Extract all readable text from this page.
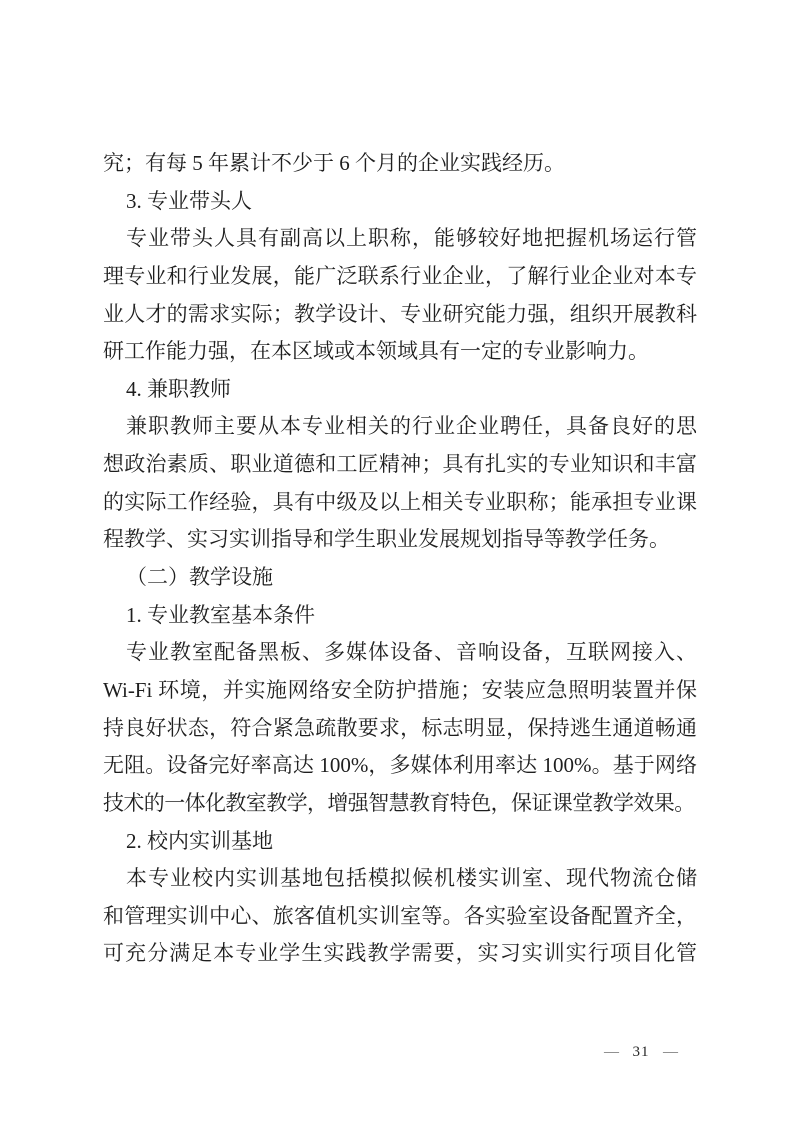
究；有每 5 年累计不少于 6 个月的企业实践经历。
3. 专业带头人
专业带头人具有副高以上职称，能够较好地把握机场运行管
理专业和行业发展，能广泛联系行业企业，了解行业企业对本专
业人才的需求实际；教学设计、专业研究能力强，组织开展教科
研工作能力强，在本区域或本领域具有一定的专业影响力。
4. 兼职教师
兼职教师主要从本专业相关的行业企业聘任，具备良好的思
想政治素质、职业道德和工匠精神；具有扎实的专业知识和丰富
的实际工作经验，具有中级及以上相关专业职称；能承担专业课
程教学、实习实训指导和学生职业发展规划指导等教学任务。
（二）教学设施
1. 专业教室基本条件
专业教室配备黑板、多媒体设备、音响设备，互联网接入、
Wi-Fi 环境，并实施网络安全防护措施；安装应急照明装置并保
持良好状态，符合紧急疏散要求，标志明显，保持逃生通道畅通
无阻。设备完好率高达 100%，多媒体利用率达 100%。基于网络
技术的一体化教室教学，增强智慧教育特色，保证课堂教学效果。
2. 校内实训基地
本专业校内实训基地包括模拟候机楼实训室、现代物流仓储
和管理实训中心、旅客值机实训室等。各实验室设备配置齐全，
可充分满足本专业学生实践教学需要，实习实训实行项目化管
— 31 —
